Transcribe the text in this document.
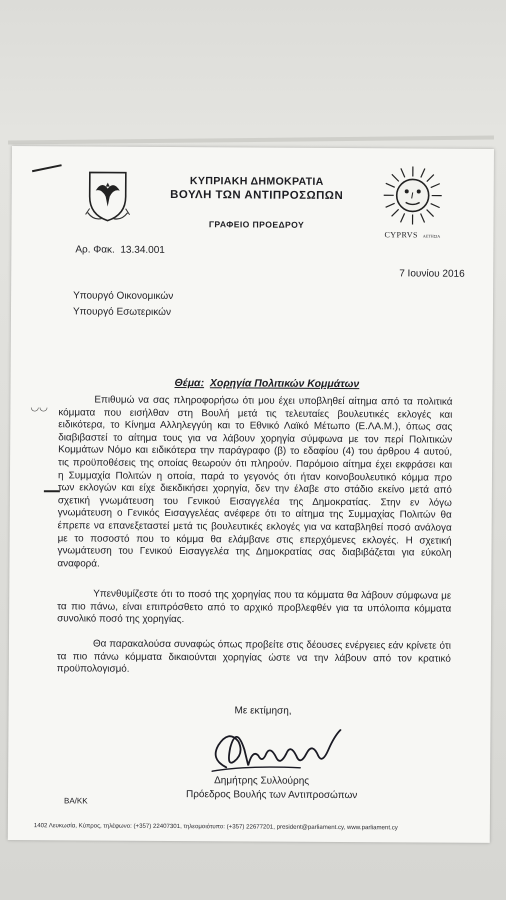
ΚΥΠΡΙΑΚΗ ΔΗΜΟΚΡΑΤΙΑ
ΒΟΥΛΗ ΤΩΝ ΑΝΤΙΠΡΟΣΩΠΩΝ
ΓΡΑΦΕΙΟ ΠΡΟΕΔΡΟΥ
CYPRVS ΑΕΤΗΣΙΑ
Αρ. Φακ.  13.34.001
7 Ιουνίου 2016
Υπουργό Οικονομικών
Υπουργό Εσωτερικών
Θέμα: Χορηγία Πολιτικών Κομμάτων
◡◡	Επιθυμώ να σας πληροφορήσω ότι μου έχει υποβληθεί αίτημα από τα πολιτικά
κόμματα που εισήλθαν στη Βουλή μετά τις τελευταίες βουλευτικές εκλογές και
ειδικότερα, το Κίνημα Αλληλεγγύη και το Εθνικό Λαϊκό Μέτωπο (Ε.ΛΑ.Μ.), όπως σας
διαβιβαστεί το αίτημα τους για να λάβουν χορηγία σύμφωνα με τον περί Πολιτικών
Κομμάτων Νόμο και ειδικότερα την παράγραφο (β) το εδαφίου (4) του άρθρου 4 αυτού,
τις προϋποθέσεις της οποίας θεωρούν ότι πληρούν. Παρόμοιο αίτημα έχει εκφράσει και
η Συμμαχία Πολιτών η οποία, παρά το γεγονός ότι ήταν κοινοβουλευτικό κόμμα προ
των εκλογών και είχε διεκδικήσει χορηγία, δεν την έλαβε στο στάδιο εκείνο μετά από
σχετική γνωμάτευση του Γενικού Εισαγγελέα της Δημοκρατίας. Στην εν λόγω
γνωμάτευση ο Γενικός Εισαγγελέας ανέφερε ότι το αίτημα της Συμμαχίας Πολιτών θα
έπρεπε να επανεξεταστεί μετά τις βουλευτικές εκλογές για να καταβληθεί ποσό ανάλογα
με το ποσοστό που το κόμμα θα ελάμβανε στις επερχόμενες εκλογές. Η σχετική
γνωμάτευση του Γενικού Εισαγγελέα της Δημοκρατίας σας διαβιβάζεται για εύκολη
αναφορά.
Υπενθυμίζεστε ότι το ποσό της χορηγίας που τα κόμματα θα λάβουν σύμφωνα με
τα πιο πάνω, είναι επιπρόσθετο από το αρχικό προβλεφθέν για τα υπόλοιπα κόμματα
συνολικό ποσό της χορηγίας.
Θα παρακαλούσα συναφώς όπως προβείτε στις δέουσες ενέργειες εάν κρίνετε ότι
τα πιο πάνω κόμματα δικαιούνται χορηγίας ώστε να την λάβουν από τον κρατικό
προϋπολογισμό.
Με εκτίμηση,
Δημήτρης Συλλούρης
Πρόεδρος Βουλής των Αντιπροσώπων
ΒΑ/ΚΚ
1402 Λευκωσία, Κύπρος, τηλέφωνο: (+357) 22407301, τηλεομοιότυπο: (+357) 22677201, president@parliament.cy, www.parliament.cy
